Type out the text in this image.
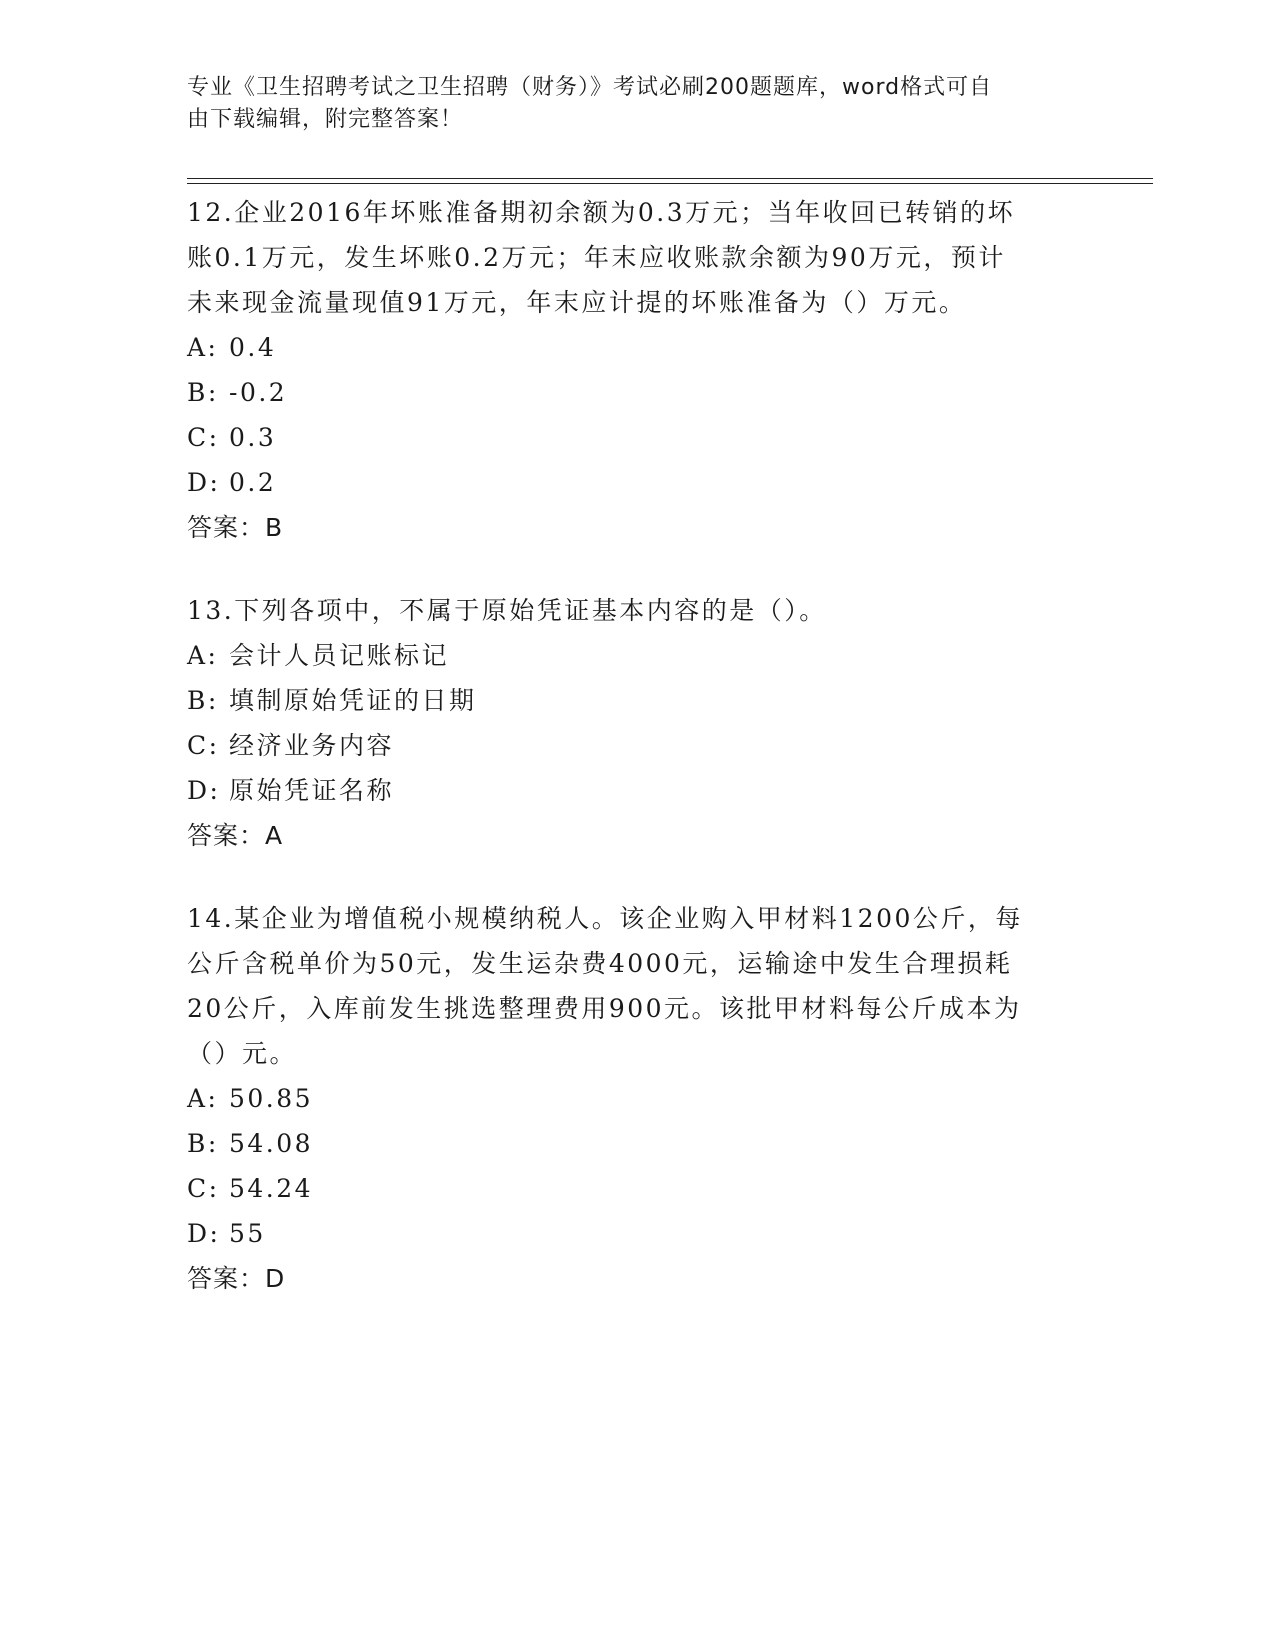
专业《卫生招聘考试之卫生招聘（财务）》考试必刷200题题库，word格式可自
由下载编辑，附完整答案！

12.企业2016年坏账准备期初余额为0.3万元；当年收回已转销的坏

账0.1万元，发生坏账0.2万元；年末应收账款余额为90万元，预计

未来现金流量现值91万元，年末应计提的坏账准备为（）万元。

A: 0.4
B: -0.2
C: 0.3
D: 0.2

答案：B

13.下列各项中，不属于原始凭证基本内容的是（）。

A: 会计人员记账标记
B: 填制原始凭证的日期
C: 经济业务内容
D: 原始凭证名称

答案：A

14.某企业为增值税小规模纳税人。该企业购入甲材料1200公斤，每

公斤含税单价为50元，发生运杂费4000元，运输途中发生合理损耗

20公斤，入库前发生挑选整理费用900元。该批甲材料每公斤成本为

（）元。

A: 50.85
B: 54.08
C: 54.24
D: 55

答案：D
